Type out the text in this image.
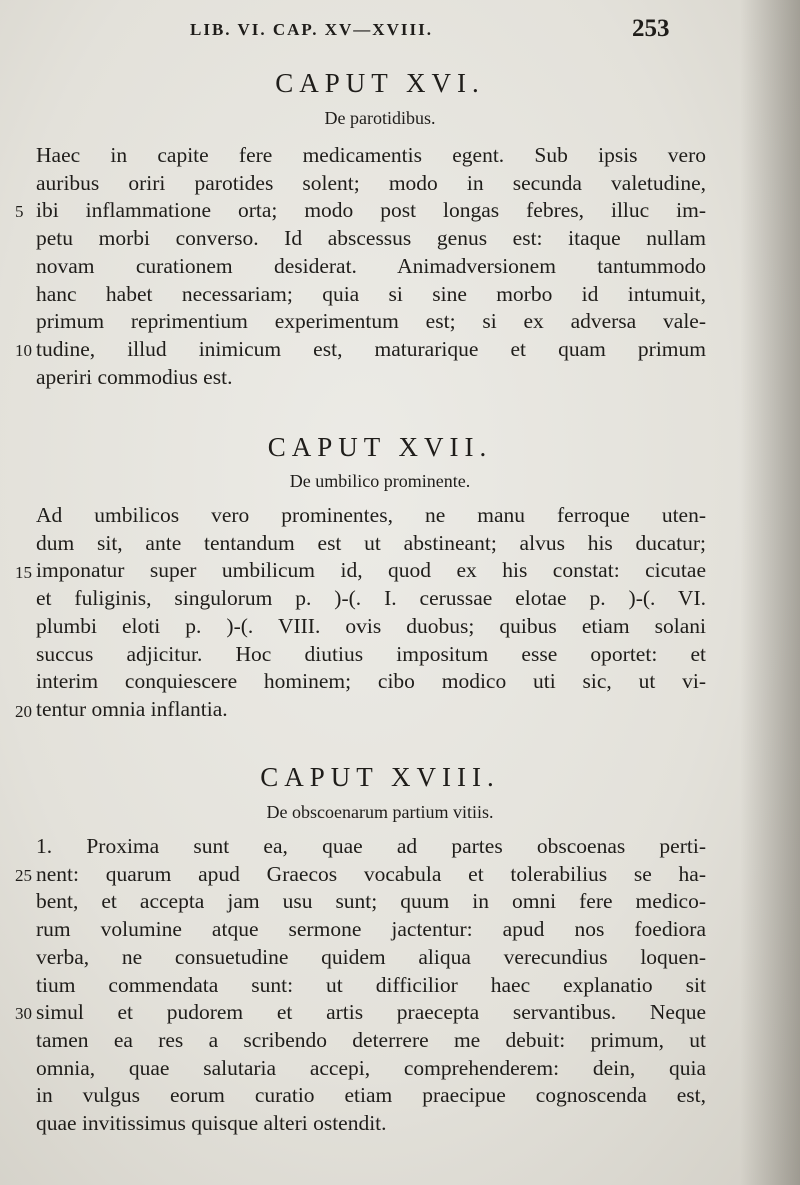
LIB. VI. CAP. XV—XVIII.	253
CAPUT XVI.
De parotidibus.
Haec in capite fere medicamentis egent. Sub ipsis vero
auribus oriri parotides solent; modo in secunda valetudine,
ibi inflammatione orta; modo post longas febres, illuc im-
petu morbi converso. Id abscessus genus est: itaque nullam
novam curationem desiderat. Animadversionem tantummodo
hanc habet necessariam; quia si sine morbo id intumuit,
primum reprimentium experimentum est; si ex adversa vale-
tudine, illud inimicum est, maturarique et quam primum
aperiri commodius est.
CAPUT XVII.
De umbilico prominente.
Ad umbilicos vero prominentes, ne manu ferroque uten-
dum sit, ante tentandum est ut abstineant; alvus his ducatur;
imponatur super umbilicum id, quod ex his constat: cicutae
et fuliginis, singulorum p. )-(. I. cerussae elotae p. )-(. VI.
plumbi eloti p. )-(. VIII. ovis duobus; quibus etiam solani
succus adjicitur. Hoc diutius impositum esse oportet: et
interim conquiescere hominem; cibo modico uti sic, ut vi-
tentur omnia inflantia.
CAPUT XVIII.
De obscoenarum partium vitiis.
1. Proxima sunt ea, quae ad partes obscoenas perti-
nent: quarum apud Graecos vocabula et tolerabilius se ha-
bent, et accepta jam usu sunt; quum in omni fere medico-
rum volumine atque sermone jactentur: apud nos foediora
verba, ne consuetudine quidem aliqua verecundius loquen-
tium commendata sunt: ut difficilior haec explanatio sit
simul et pudorem et artis praecepta servantibus. Neque
tamen ea res a scribendo deterrere me debuit: primum, ut
omnia, quae salutaria accepi, comprehenderem: dein, quia
in vulgus eorum curatio etiam praecipue cognoscenda est,
quae invitissimus quisque alteri ostendit.
5
10
15
20
25
30
